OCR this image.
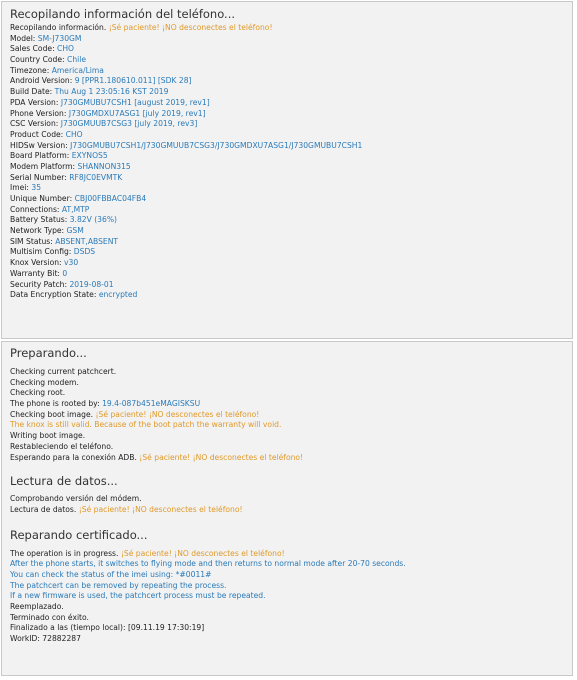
Recopilando información del teléfono...
Recopilando información. ¡Sé paciente! ¡NO desconectes el teléfono!
Model: SM-J730GM
Sales Code: CHO
Country Code: Chile
Timezone: America/Lima
Android Version: 9 [PPR1.180610.011] [SDK 28]
Build Date: Thu Aug 1 23:05:16 KST 2019
PDA Version: J730GMUBU7CSH1 [august 2019, rev1]
Phone Version: J730GMDXU7ASG1 [july 2019, rev1]
CSC Version: J730GMUUB7CSG3 [july 2019, rev3]
Product Code: CHO
HIDSw Version: J730GMUBU7CSH1/J730GMUUB7CSG3/J730GMDXU7ASG1/J730GMUBU7CSH1
Board Platform: EXYNOS5
Modem Platform: SHANNON315
Serial Number: RF8JC0EVMTK
Imei: 35
Unique Number: CBJ00FBBAC04FB4
Connections: AT,MTP
Battery Status: 3.82V (36%)
Network Type: GSM
SIM Status: ABSENT,ABSENT
Multisim Config: DSDS
Knox Version: v30
Warranty Bit: 0
Security Patch: 2019-08-01
Data Encryption State: encrypted
Preparando...
Checking current patchcert.
Checking modem.
Checking root.
The phone is rooted by: 19.4-087b451eMAGISKSU
Checking boot image. ¡Sé paciente! ¡NO desconectes el teléfono!
The knox is still valid. Because of the boot patch the warranty will void.
Writing boot image.
Restableciendo el teléfono.
Esperando para la conexión ADB. ¡Sé paciente! ¡NO desconectes el teléfono!
Lectura de datos...
Comprobando versión del módem.
Lectura de datos. ¡Sé paciente! ¡NO desconectes el teléfono!
Reparando certificado...
The operation is in progress. ¡Sé paciente! ¡NO desconectes el teléfono!
After the phone starts, it switches to flying mode and then returns to normal mode after 20-70 seconds.
You can check the status of the imei using: *#0011#
The patchcert can be removed by repeating the process.
If a new firmware is used, the patchcert process must be repeated.
Reemplazado.
Terminado con éxito.
Finalizado a las (tiempo local): [09.11.19 17:30:19]
WorkID: 72882287
